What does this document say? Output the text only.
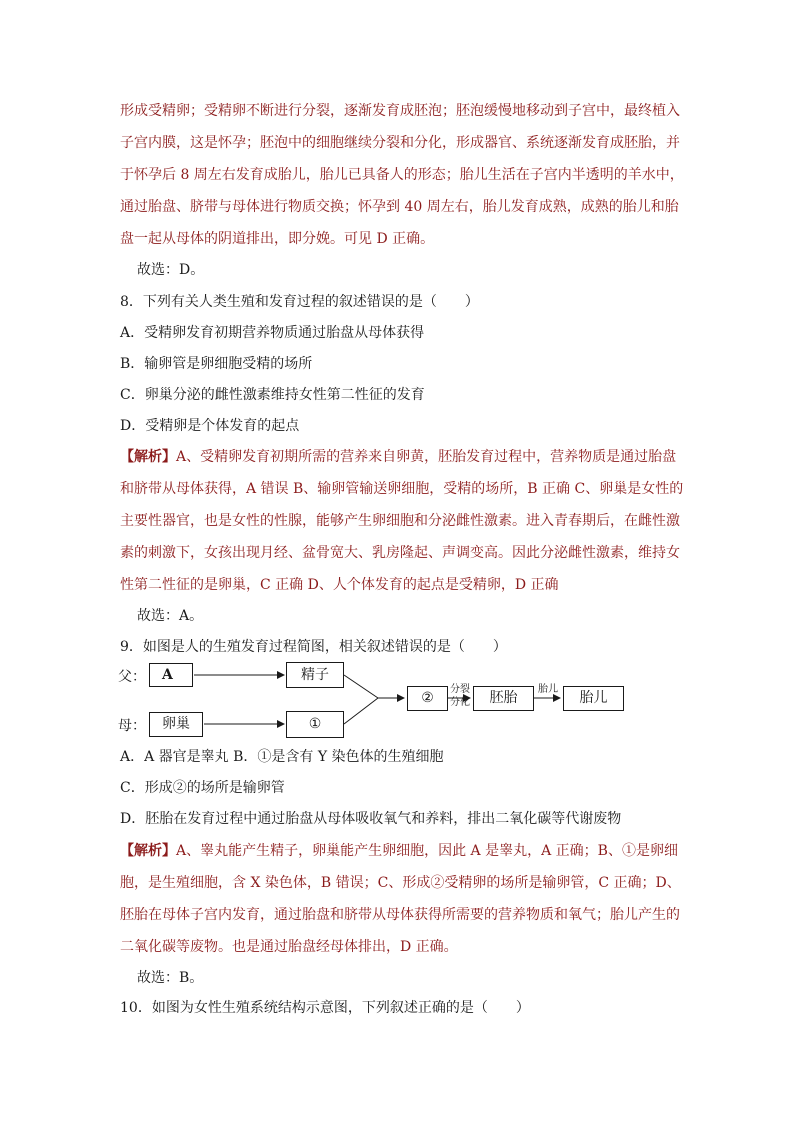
形成受精卵；受精卵不断进行分裂，逐渐发育成胚泡；胚泡缓慢地移动到子宫中，最终植入
子宫内膜，这是怀孕；胚泡中的细胞继续分裂和分化，形成器官、系统逐渐发育成胚胎，并
于怀孕后 8 周左右发育成胎儿，胎儿已具备人的形态；胎儿生活在子宫内半透明的羊水中，
通过胎盘、脐带与母体进行物质交换；怀孕到 40 周左右，胎儿发育成熟，成熟的胎儿和胎
盘一起从母体的阴道排出，即分娩。可见 D 正确。
故选：D。
8．下列有关人类生殖和发育过程的叙述错误的是（　　）
A．受精卵发育初期营养物质通过胎盘从母体获得
B．输卵管是卵细胞受精的场所
C．卵巢分泌的雌性激素维持女性第二性征的发育
D．受精卵是个体发育的起点
【解析】A、受精卵发育初期所需的营养来自卵黄，胚胎发育过程中，营养物质是通过胎盘
和脐带从母体获得，A 错误 B、输卵管输送卵细胞，受精的场所，B 正确 C、卵巢是女性的
主要性器官，也是女性的性腺，能够产生卵细胞和分泌雌性激素。进入青春期后，在雌性激
素的刺激下，女孩出现月经、盆骨宽大、乳房隆起、声调变高。因此分泌雌性激素，维持女
性第二性征的是卵巢，C 正确 D、人个体发育的起点是受精卵，D 正确
故选：A。
9．如图是人的生殖发育过程简图，相关叙述错误的是（　　）
父：
母：
A
卵巢
精子
①
②
分裂
分化	胚胎
胎儿
胎儿
A．A 器官是睾丸 B．①是含有 Y 染色体的生殖细胞
C．形成②的场所是输卵管
D．胚胎在发育过程中通过胎盘从母体吸收氧气和养料，排出二氧化碳等代谢废物
【解析】A、睾丸能产生精子，卵巢能产生卵细胞，因此 A 是睾丸，A 正确；B、①是卵细
胞，是生殖细胞，含 X 染色体，B 错误；C、形成②受精卵的场所是输卵管，C 正确；D、
胚胎在母体子宫内发育，通过胎盘和脐带从母体获得所需要的营养物质和氧气；胎儿产生的
二氧化碳等废物。也是通过胎盘经母体排出，D 正确。
故选：B。
10．如图为女性生殖系统结构示意图，下列叙述正确的是（　　）
